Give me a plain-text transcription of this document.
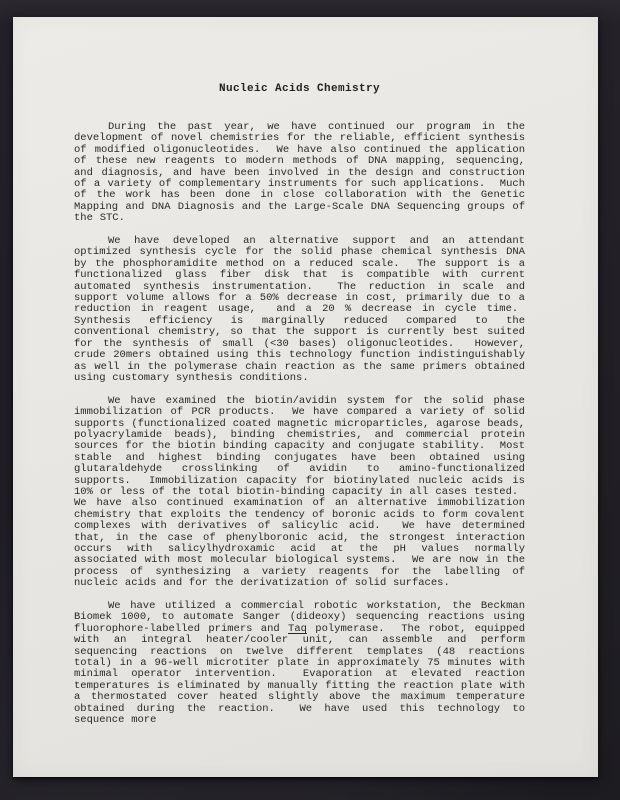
Nucleic Acids Chemistry

During the past year, we have continued our program in the development of novel chemistries for the reliable, efficient synthesis of modified oligonucleotides.  We have also continued the application of these new reagents to modern methods of DNA mapping, sequencing, and diagnosis, and have been involved in the design and construction of a variety of complementary instruments for such applications.  Much of the work has been done in close collaboration with the Genetic Mapping and DNA Diagnosis and the Large-Scale DNA Sequencing groups of the STC.

We have developed an alternative support and an attendant optimized synthesis cycle for the solid phase chemical synthesis DNA by the phosphoramidite method on a reduced scale.  The support is a functionalized glass fiber disk that is compatible with current automated synthesis instrumentation.  The reduction in scale and support volume allows for a 50% decrease in cost, primarily due to a reduction in reagent usage,  and a 20 % decrease in cycle time.  Synthesis efficiency is marginally reduced compared to the conventional chemistry, so that the support is currently best suited for the synthesis of small (<30 bases) oligonucleotides.  However, crude 20mers obtained using this technology function indistinguishably as well in the polymerase chain reaction as the same primers obtained using customary synthesis conditions.

We have examined the biotin/avidin system for the solid phase immobilization of PCR products.  We have compared a variety of solid supports (functionalized coated magnetic microparticles, agarose beads, polyacrylamide beads), binding chemistries, and commercial protein sources for the biotin binding capacity and conjugate stability.  Most stable and highest binding conjugates have been obtained using glutaraldehyde crosslinking of avidin to amino-functionalized supports.  Immobilization capacity for biotinylated nucleic acids is 10% or less of the total biotin-binding capacity in all cases tested.  We have also continued examination of an alternative immobilization chemistry that exploits the tendency of boronic acids to form covalent complexes with derivatives of salicylic acid.  We have determined that, in the case of phenylboronic acid, the strongest interaction occurs with salicylhydroxamic acid at the pH values normally associated with most molecular biological systems.  We are now in the process of synthesizing a variety reagents for the labelling of nucleic acids and for the derivatization of solid surfaces.

We have utilized a commercial robotic workstation, the Beckman Biomek 1000, to automate Sanger (dideoxy) sequencing reactions using fluorophore-labelled primers and Taq polymerase.  The robot, equipped with an integral heater/cooler unit, can assemble and perform sequencing reactions on twelve different templates (48 reactions total) in a 96-well microtiter plate in approximately 75 minutes with minimal operator intervention.  Evaporation at elevated reaction temperatures is eliminated by manually fitting the reaction plate with a thermostated cover heated slightly above the maximum temperature obtained during the reaction.  We have used this technology to sequence more
